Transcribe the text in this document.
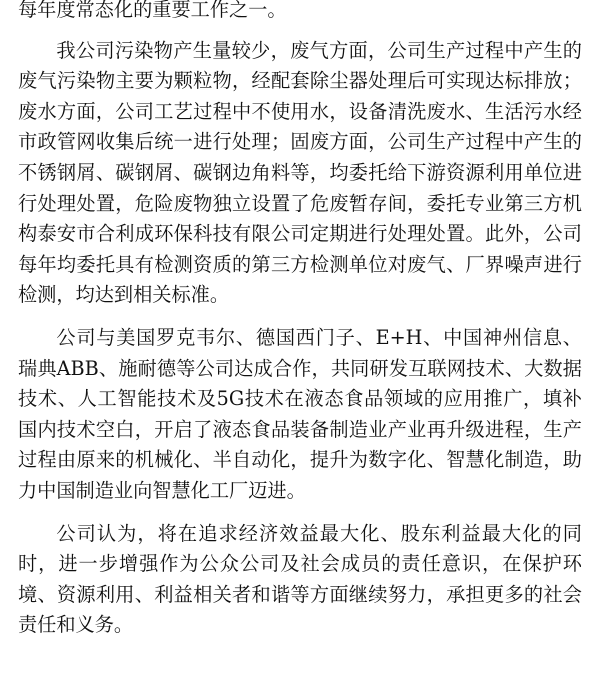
每年度常态化的重要工作之一。

我公司污染物产生量较少，废气方面，公司生产过程中产生的废气污染物主要为颗粒物，经配套除尘器处理后可实现达标排放；废水方面，公司工艺过程中不使用水，设备清洗废水、生活污水经市政管网收集后统一进行处理；固废方面，公司生产过程中产生的不锈钢屑、碳钢屑、碳钢边角料等，均委托给下游资源利用单位进行处理处置，危险废物独立设置了危废暂存间，委托专业第三方机构泰安市合利成环保科技有限公司定期进行处理处置。此外，公司每年均委托具有检测资质的第三方检测单位对废气、厂界噪声进行检测，均达到相关标准。

公司与美国罗克韦尔、德国西门子、E+H、中国神州信息、瑞典ABB、施耐德等公司达成合作，共同研发互联网技术、大数据技术、人工智能技术及5G技术在液态食品领域的应用推广，填补国内技术空白，开启了液态食品装备制造业产业再升级进程，生产过程由原来的机械化、半自动化，提升为数字化、智慧化制造，助力中国制造业向智慧化工厂迈进。

公司认为，将在追求经济效益最大化、股东利益最大化的同时，进一步增强作为公众公司及社会成员的责任意识，在保护环境、资源利用、利益相关者和谐等方面继续努力，承担更多的社会责任和义务。
